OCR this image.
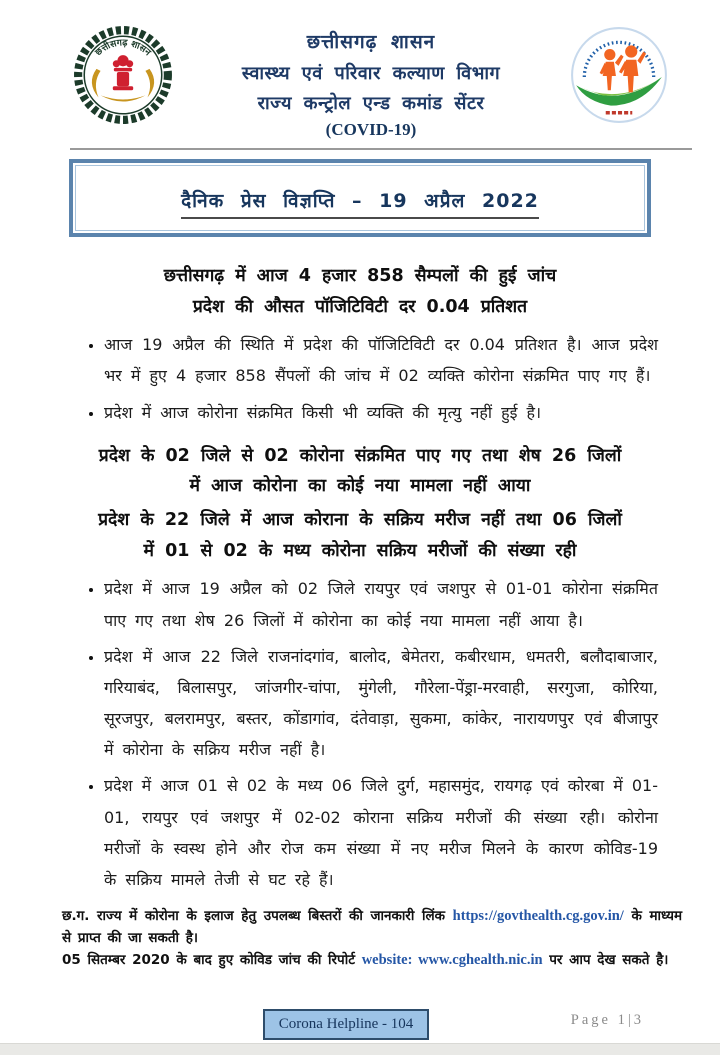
छत्तीसगढ़ शासन	छत्तीसगढ़ शासन
स्वास्थ्य एवं परिवार कल्याण विभाग
राज्य कन्ट्रोल एन्ड कमांड सेंटर
(COVID-19)
दैनिक प्रेस विज्ञप्ति – 19 अप्रैल 2022
छत्तीसगढ़ में आज 4 हजार 858 सैम्पलों की हुई जांच
प्रदेश की औसत पॉजिटिविटी दर 0.04 प्रतिशत
• आज 19 अप्रैल की स्थिति में प्रदेश की पॉजिटिविटी दर 0.04 प्रतिशत है। आज प्रदेश भर में हुए 4 हजार 858 सैंपलों की जांच में 02 व्यक्ति कोरोना संक्रमित पाए गए हैं।
• प्रदेश में आज कोरोना संक्रमित किसी भी व्यक्ति की मृत्यु नहीं हुई है।
प्रदेश के 02 जिले से 02 कोरोना संक्रमित पाए गए तथा शेष 26 जिलों
में आज कोरोना का कोई नया मामला नहीं आया
प्रदेश के 22 जिले में आज कोराना के सक्रिय मरीज नहीं तथा 06 जिलों
में 01 से 02 के मध्य कोरोना सक्रिय मरीजों की संख्या रही
• प्रदेश में आज 19 अप्रैल को 02 जिले रायपुर एवं जशपुर से 01-01 कोरोना संक्रमित पाए गए तथा शेष 26 जिलों में कोरोना का कोई नया मामला नहीं आया है।
• प्रदेश में आज 22 जिले राजनांदगांव, बालोद, बेमेतरा, कबीरधाम, धमतरी, बलौदाबाजार, गरियाबंद, बिलासपुर, जांजगीर-चांपा, मुंगेली, गौरेला-पेंड्रा-मरवाही, सरगुजा, कोरिया, सूरजपुर, बलरामपुर, बस्तर, कोंडागांव, दंतेवाड़ा, सुकमा, कांकेर, नारायणपुर एवं बीजापुर में कोरोना के सक्रिय मरीज नहीं है।
• प्रदेश में आज 01 से 02 के मध्य 06 जिले दुर्ग, महासमुंद, रायगढ़ एवं कोरबा में 01-01, रायपुर एवं जशपुर में 02-02 कोराना सक्रिय मरीजों की संख्या रही। कोरोना मरीजों के स्वस्थ होने और रोज कम संख्या में नए मरीज मिलने के कारण कोविड-19 के सक्रिय मामले तेजी से घट रहे हैं।

छ.ग. राज्य में कोरोना के इलाज हेतु उपलब्ध बिस्तरों की जानकारी लिंक https://govthealth.cg.gov.in/ के माध्यम से प्राप्त की जा सकती है।

05 सितम्बर 2020 के बाद हुए कोविड जांच की रिपोर्ट website: www.cghealth.nic.in पर आप देख सकते है।

Corona Helpline - 104	Page 1|3
